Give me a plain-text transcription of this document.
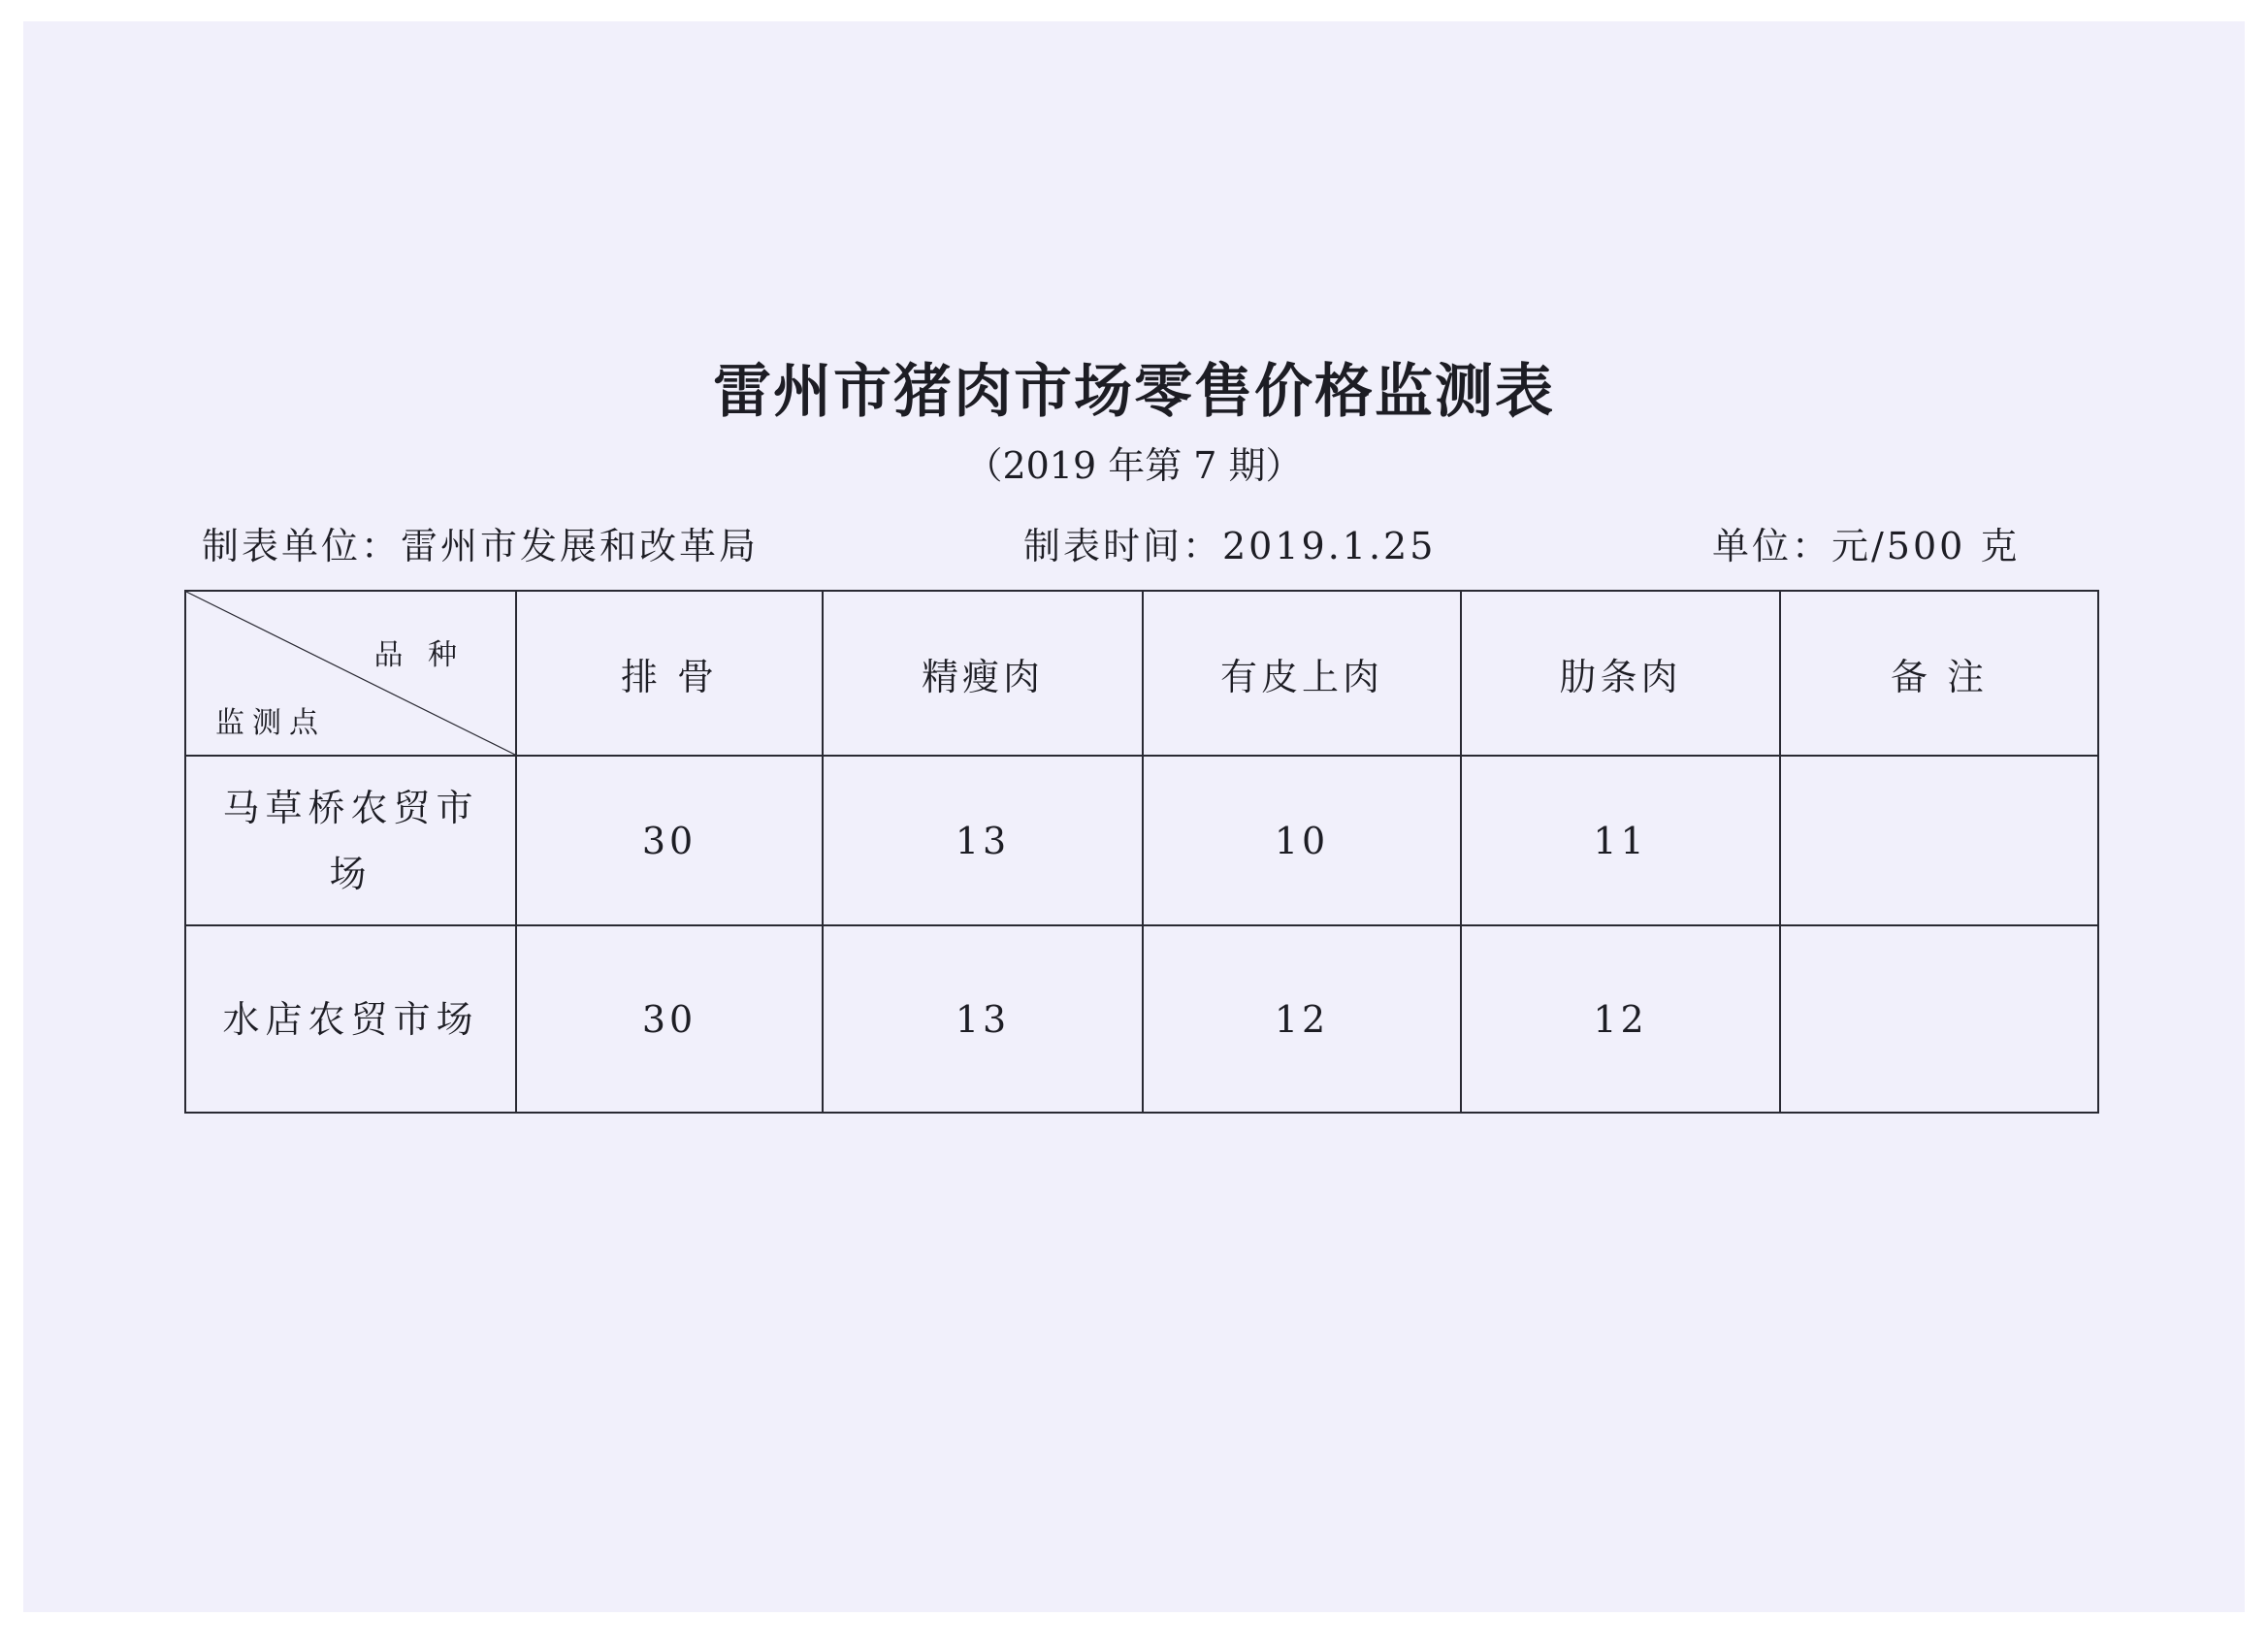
雷州市猪肉市场零售价格监测表
（2019 年第 7 期）
制表单位：雷州市发展和改革局	制表时间：2019.1.25	单位：元/500 克
品 种
监测点	排 骨	精瘦肉	有皮上肉	肋条肉	备 注
马草桥农贸市场	30	13	10	11	
水店农贸市场	30	13	12	12	
